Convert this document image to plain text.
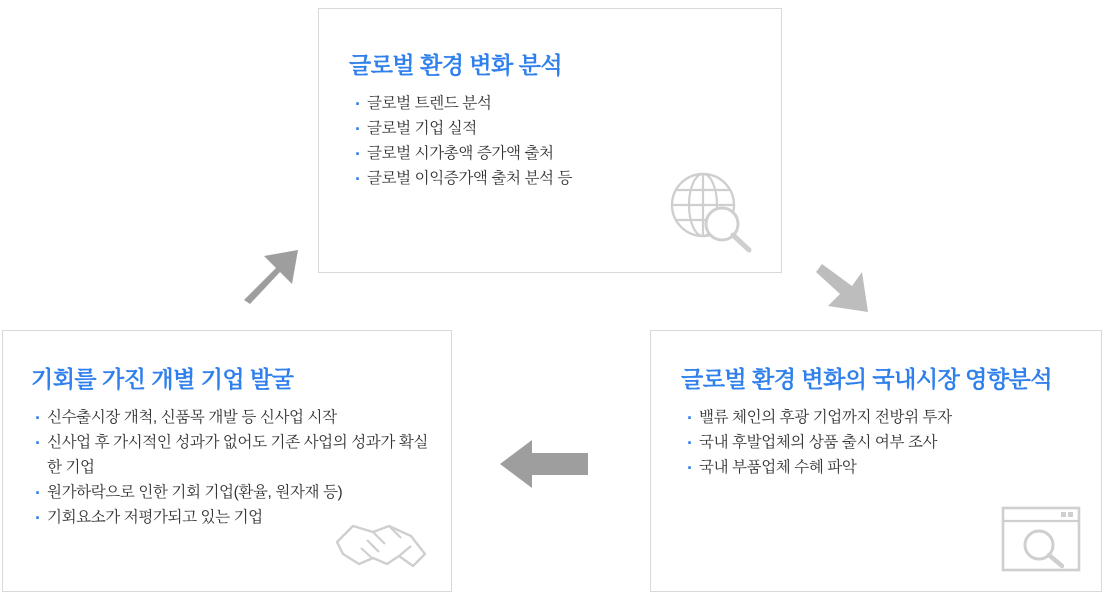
글로벌 환경 변화 분석
· 글로벌 트렌드 분석
· 글로벌 기업 실적
· 글로벌 시가총액 증가액 출처
· 글로벌 이익증가액 출처 분석 등
글로벌 환경 변화의 국내시장 영향분석
· 밸류 체인의 후광 기업까지 전방위 투자
· 국내 후발업체의 상품 출시 여부 조사
· 국내 부품업체 수혜 파악
기회를 가진 개별 기업 발굴
· 신수출시장 개척, 신품목 개발 등 신사업 시작
· 신사업 후 가시적인 성과가 없어도 기존 사업의 성과가 확실한 기업
· 원가하락으로 인한 기회 기업(환율, 원자재 등)
· 기회요소가 저평가되고 있는 기업
